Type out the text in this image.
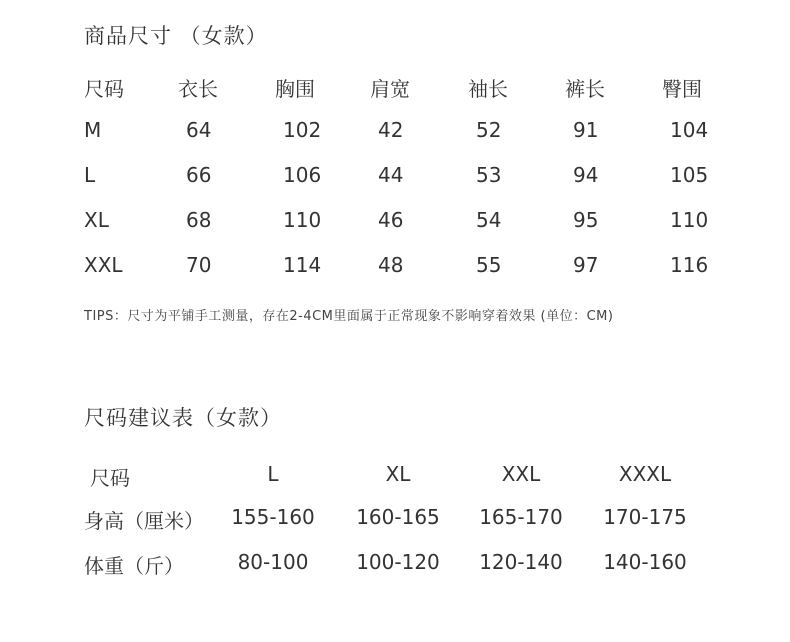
商品尺寸 （女款）
尺码	衣长	胸围	肩宽	袖长	裤长	臀围
M	64	102	42	52	91	104
L	66	106	44	53	94	105
XL	68	110	46	54	95	110
XXL	70	114	48	55	97	116
TIPS：尺寸为平铺手工测量，存在2-4CM里面属于正常现象不影响穿着效果 (单位：CM)
尺码建议表（女款）
尺码	L	XL	XXL	XXXL
身高（厘米） 155-160 160-165 165-170 170-175
体重（斤）	80-100 100-120 120-140 140-160
